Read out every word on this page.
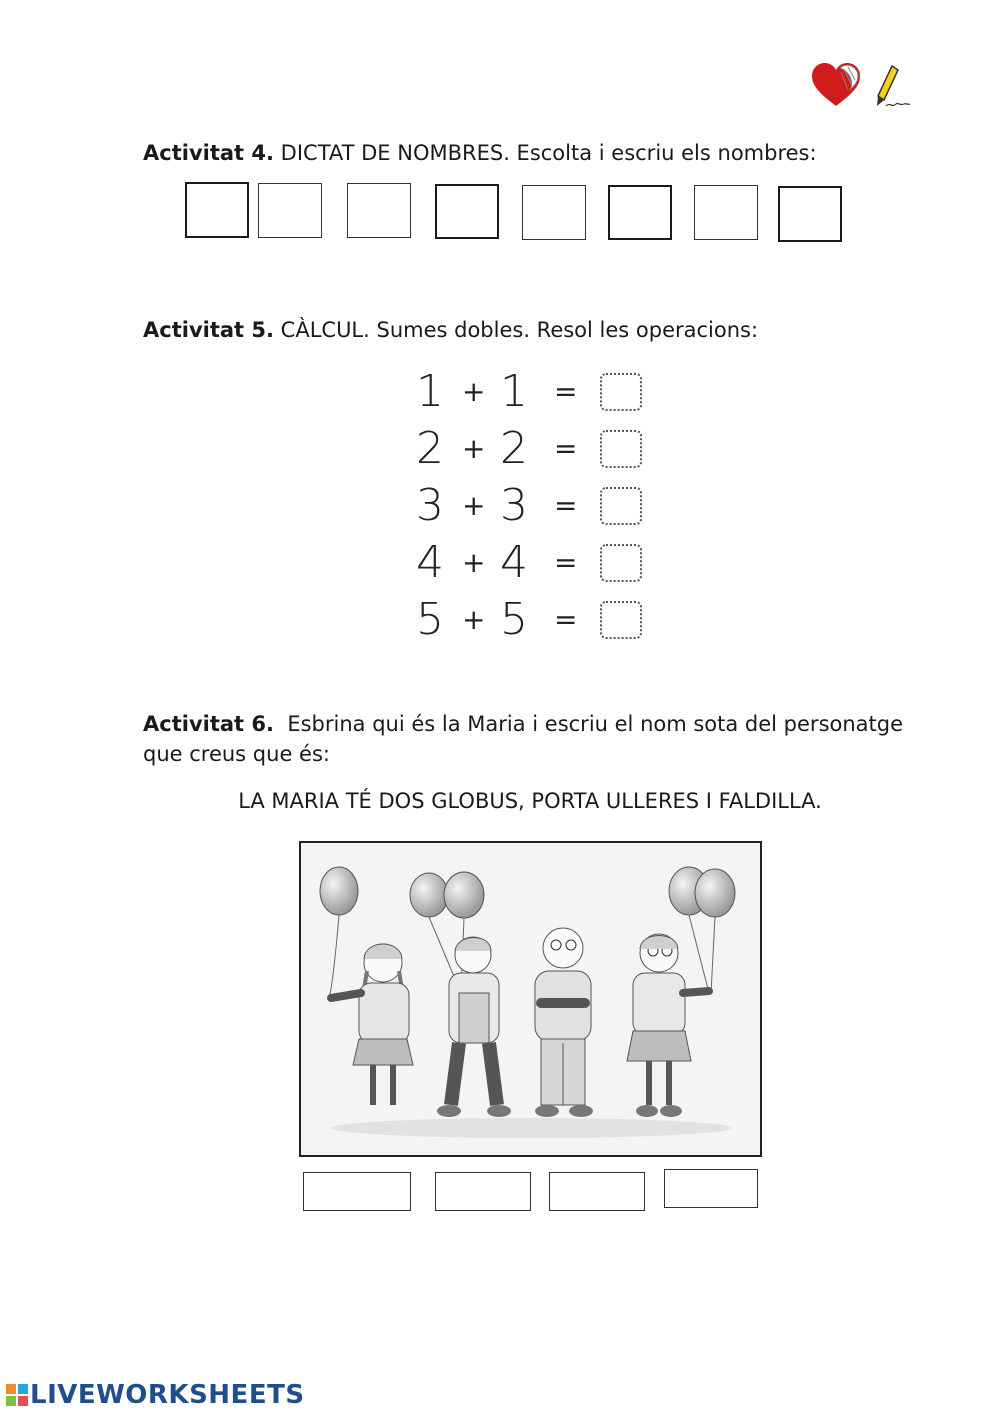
Activitat 4. DICTAT DE NOMBRES. Escolta i escriu els nombres:
Activitat 5. CÀLCUL. Sumes dobles. Resol les operacions:
1 + 1 =
2 + 2 =
3 + 3 =
4 + 4 =
5 + 5 =
Activitat 6. Esbrina qui és la Maria i escriu el nom sota del personatge
que creus que és:
LA MARIA TÉ DOS GLOBUS, PORTA ULLERES I FALDILLA.
LIVEWORKSHEETS
